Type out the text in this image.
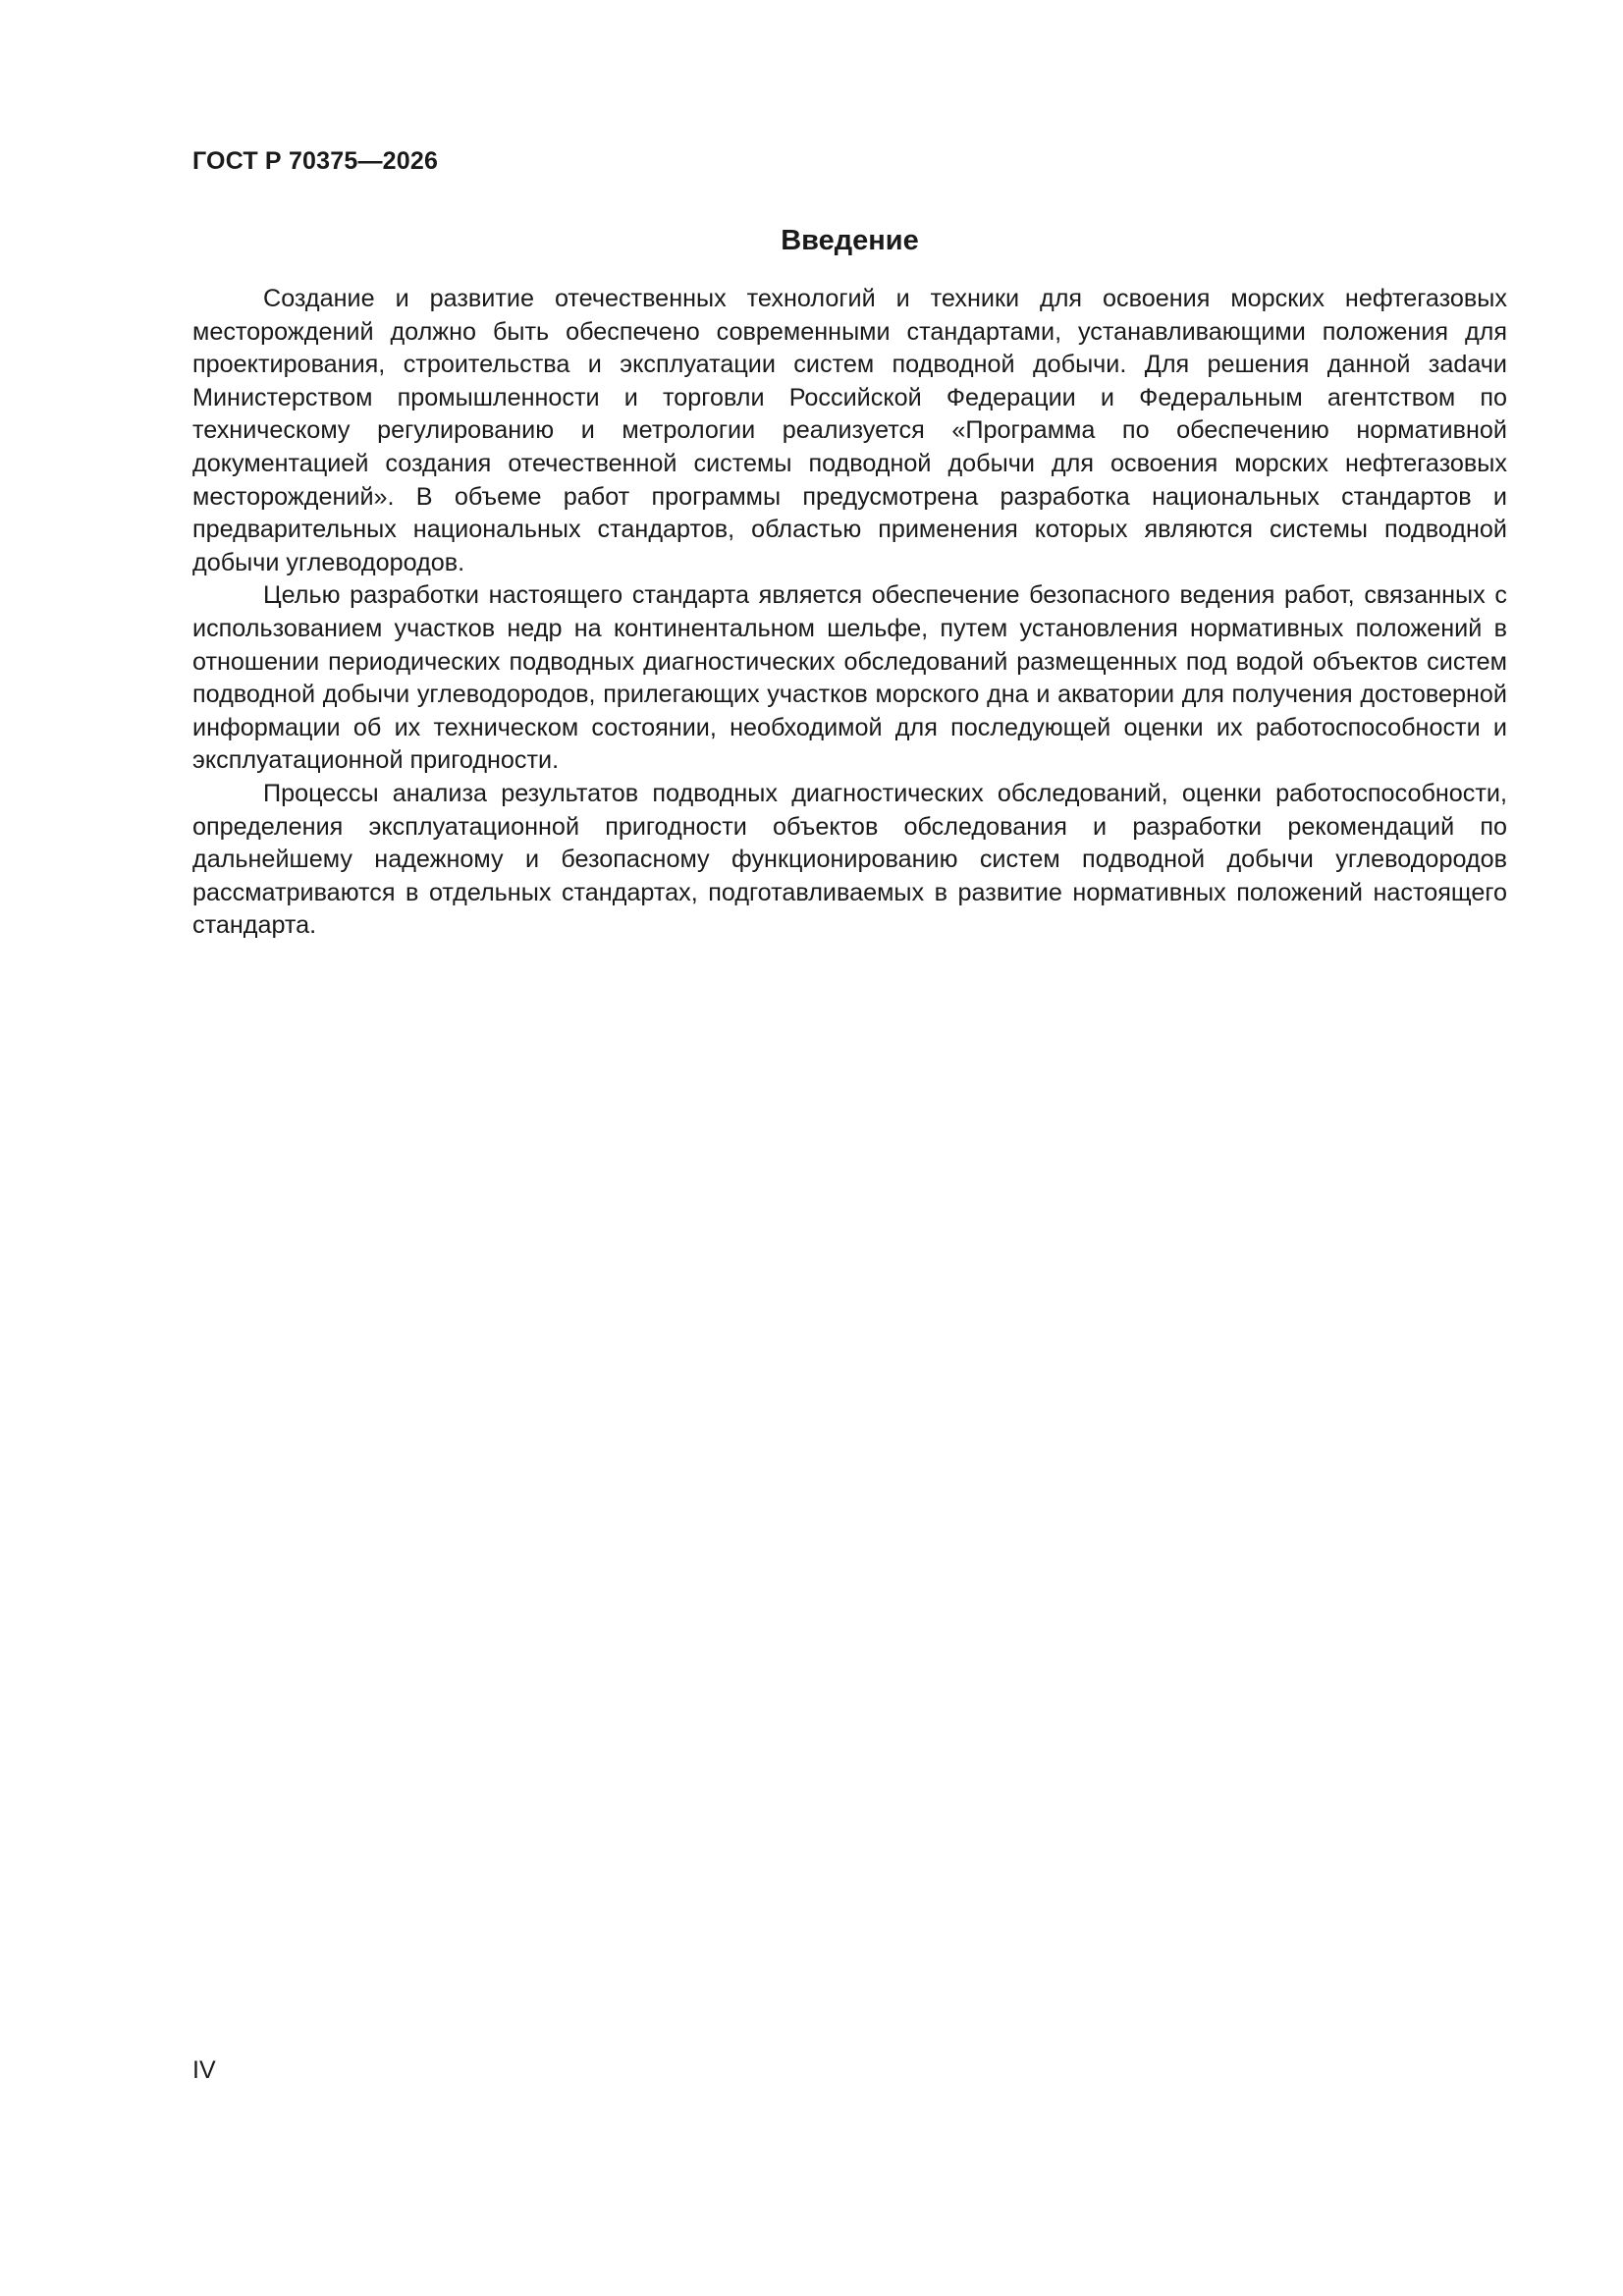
ГОСТ Р 70375—2026
Введение

Создание и развитие отечественных технологий и техники для освоения морских нефтегазовых месторождений должно быть обеспечено современными стандартами, устанавливающими положения для проектирования, строительства и эксплуатации систем подводной добычи. Для решения данной заdачи Министерством промышленности и торговли Российской Федерации и Федеральным агентством по техническому регулированию и метрологии реализуется «Программа по обеспечению нормативной документацией создания отечественной системы подводной добычи для освоения морских нефтегазовых месторождений». В объеме работ программы предусмотрена разработка национальных стандартов и предварительных национальных стандартов, областью применения которых являются системы подводной добычи углеводородов.

Целью разработки настоящего стандарта является обеспечение безопасного ведения работ, связанных с использованием участков недр на континентальном шельфе, путем установления нормативных положений в отношении периодических подводных диагностических обследований размещенных под водой объектов систем подводной добычи углеводородов, прилегающих участков морского дна и акватории для получения достоверной информации об их техническом состоянии, необходимой для последующей оценки их работоспособности и эксплуатационной пригодности.

Процессы анализа результатов подводных диагностических обследований, оценки работоспособности, определения эксплуатационной пригодности объектов обследования и разработки рекомендаций по дальнейшему надежному и безопасному функционированию систем подводной добычи углеводородов рассматриваются в отдельных стандартах, подготавливаемых в развитие нормативных положений настоящего стандарта.

IV
